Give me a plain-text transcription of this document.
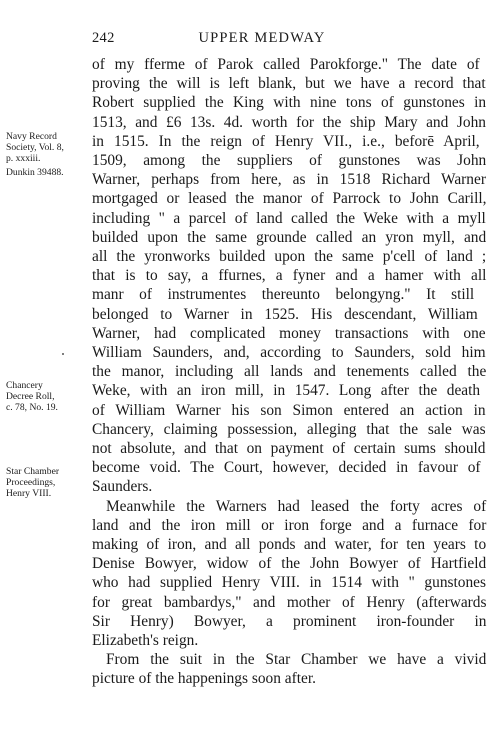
242	UPPER MEDWAY
Navy Record
Society, Vol. 8,
p. xxxiii.
Dunkin 39488.
Chancery
Decree Roll,
c. 78, No. 19.
Star Chamber
Proceedings,
Henry VIII.
of my fferme of Parok called Parokforge." The date of
proving the will is left blank, but we have a record that
Robert supplied the King with nine tons of gunstones in
1513, and £6 13s. 4d. worth for the ship Mary and John
in 1515. In the reign of Henry VII., i.e., beforē April,
1509, among the suppliers of gunstones was John
Warner, perhaps from here, as in 1518 Richard Warner
mortgaged or leased the manor of Parrock to John Carill,
including " a parcel of land called the Weke with a myll
builded upon the same grounde called an yron myll, and
all the yronworks builded upon the same p'cell of land ;
that is to say, a ffurnes, a fyner and a hamer with all
manr of instrumentes thereunto belongyng." It still
belonged to Warner in 1525. His descendant, William
Warner, had complicated money transactions with one
William Saunders, and, according to Saunders, sold him
the manor, including all lands and tenements called the
Weke, with an iron mill, in 1547. Long after the death
of William Warner his son Simon entered an action in
Chancery, claiming possession, alleging that the sale was
not absolute, and that on payment of certain sums should
become void. The Court, however, decided in favour of
Saunders.
Meanwhile the Warners had leased the forty acres of
land and the iron mill or iron forge and a furnace for
making of iron, and all ponds and water, for ten years to
Denise Bowyer, widow of the John Bowyer of Hartfield
who had supplied Henry VIII. in 1514 with " gunstones
for great bambardys," and mother of Henry (afterwards
Sir Henry) Bowyer, a prominent iron-founder in
Elizabeth's reign.
From the suit in the Star Chamber we have a vivid
picture of the happenings soon after.
